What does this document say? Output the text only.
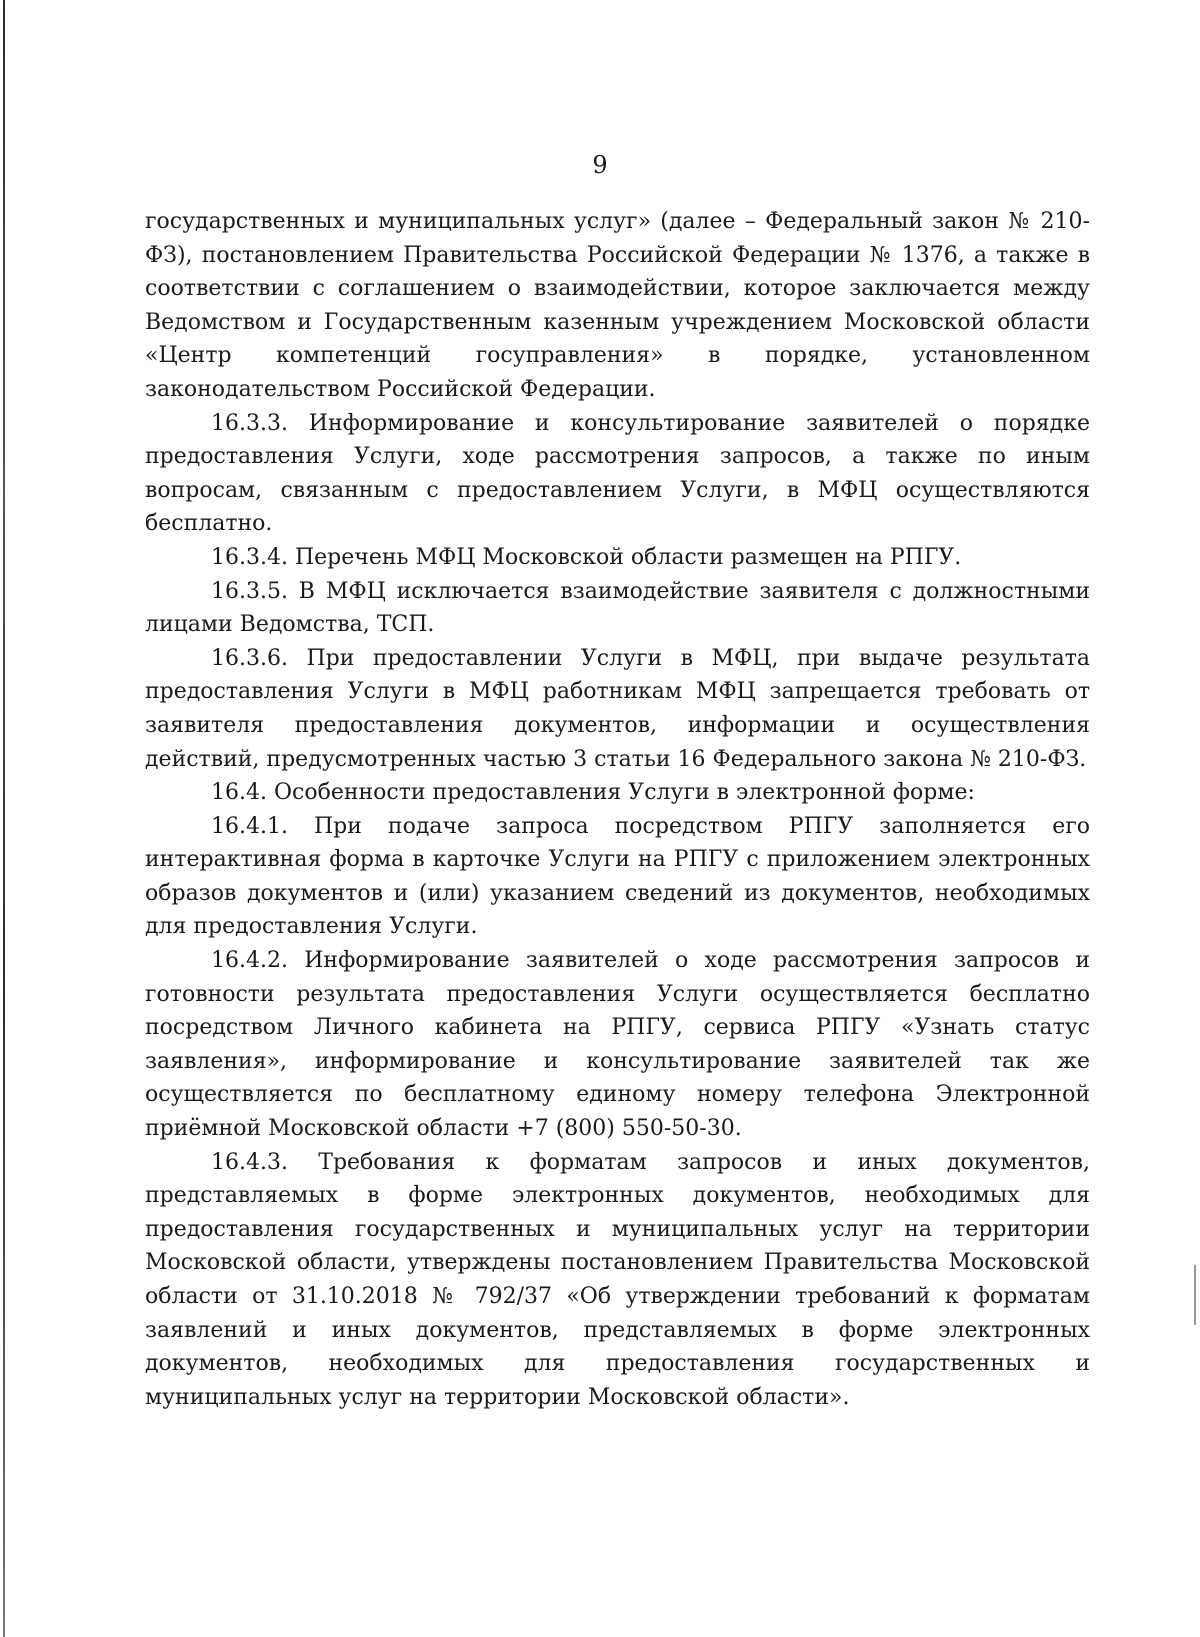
9

государственных и муниципальных услуг» (далее – Федеральный закон № 210-ФЗ), постановлением Правительства Российской Федерации № 1376, а также в соответствии с соглашением о взаимодействии, которое заключается между Ведомством и Государственным казенным учреждением Московской области «Центр компетенций госуправления» в порядке, установленном законодательством Российской Федерации.

16.3.3. Информирование и консультирование заявителей о порядке предоставления Услуги, ходе рассмотрения запросов, а также по иным вопросам, связанным с предоставлением Услуги, в МФЦ осуществляются бесплатно.

16.3.4. Перечень МФЦ Московской области размещен на РПГУ.

16.3.5. В МФЦ исключается взаимодействие заявителя с должностными лицами Ведомства, ТСП.

16.3.6. При предоставлении Услуги в МФЦ, при выдаче результата предоставления Услуги в МФЦ работникам МФЦ запрещается требовать от заявителя предоставления документов, информации и осуществления действий, предусмотренных частью 3 статьи 16 Федерального закона № 210-ФЗ.

16.4. Особенности предоставления Услуги в электронной форме:

16.4.1. При подаче запроса посредством РПГУ заполняется его интерактивная форма в карточке Услуги на РПГУ с приложением электронных образов документов и (или) указанием сведений из документов, необходимых для предоставления Услуги.

16.4.2. Информирование заявителей о ходе рассмотрения запросов и готовности результата предоставления Услуги осуществляется бесплатно посредством Личного кабинета на РПГУ, сервиса РПГУ «Узнать статус заявления», информирование и консультирование заявителей так же осуществляется по бесплатному единому номеру телефона Электронной приёмной Московской области +7 (800) 550-50-30.

16.4.3. Требования к форматам запросов и иных документов, представляемых в форме электронных документов, необходимых для предоставления государственных и муниципальных услуг на территории Московской области, утверждены постановлением Правительства Московской области от 31.10.2018 № 792/37 «Об утверждении требований к форматам заявлений и иных документов, представляемых в форме электронных документов, необходимых для предоставления государственных и муниципальных услуг на территории Московской области».
